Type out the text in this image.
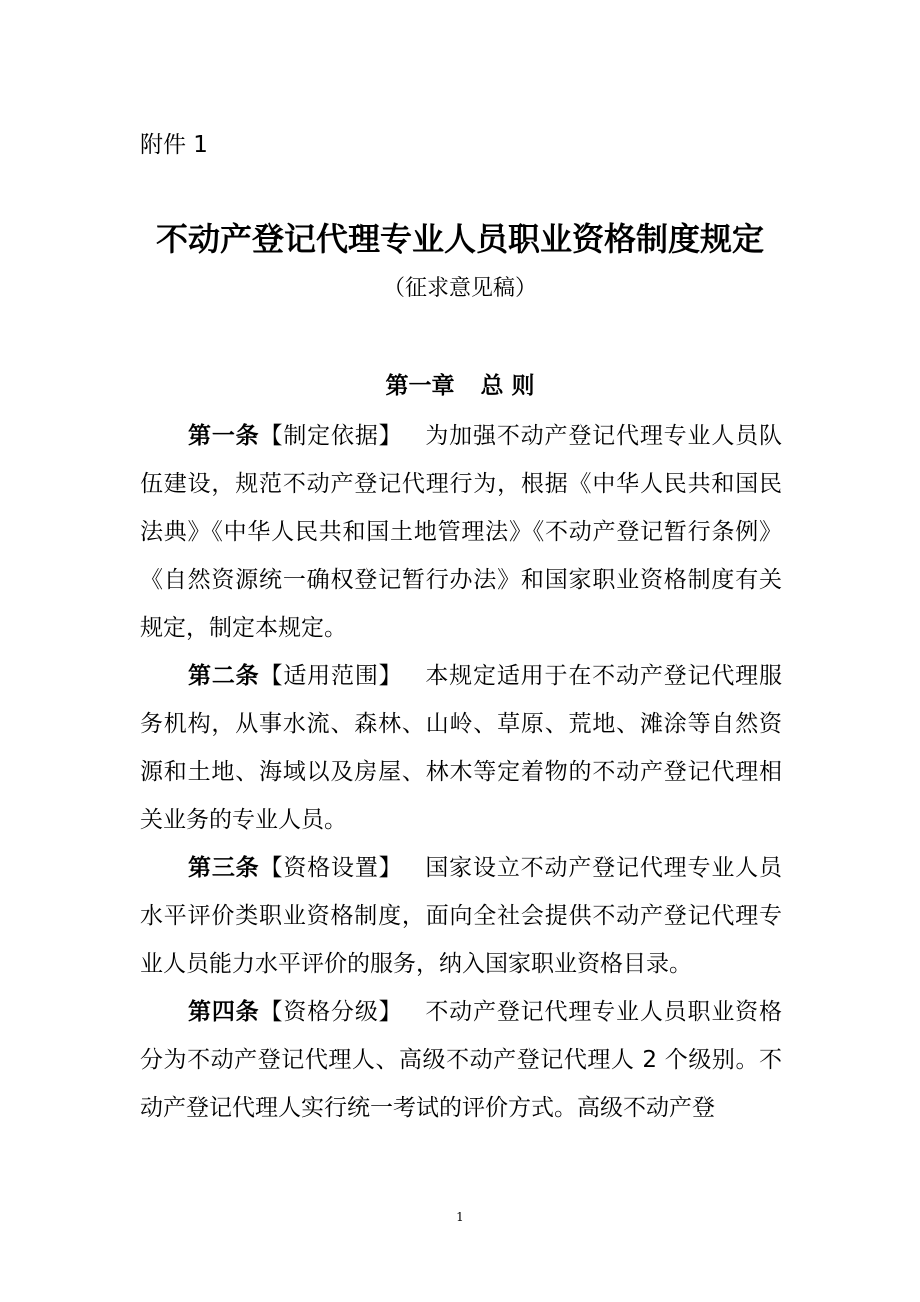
附件 1
不动产登记代理专业人员职业资格制度规定
（征求意见稿）
第一章 总 则

第一条【制定依据】 为加强不动产登记代理专业人员队伍建设，规范不动产登记代理行为，根据《中华人民共和国民法典》《中华人民共和国土地管理法》《不动产登记暂行条例》《自然资源统一确权登记暂行办法》和国家职业资格制度有关规定，制定本规定。

第二条【适用范围】 本规定适用于在不动产登记代理服务机构，从事水流、森林、山岭、草原、荒地、滩涂等自然资源和土地、海域以及房屋、林木等定着物的不动产登记代理相关业务的专业人员。

第三条【资格设置】 国家设立不动产登记代理专业人员水平评价类职业资格制度，面向全社会提供不动产登记代理专业人员能力水平评价的服务，纳入国家职业资格目录。

第四条【资格分级】 不动产登记代理专业人员职业资格分为不动产登记代理人、高级不动产登记代理人 2 个级别。不动产登记代理人实行统一考试的评价方式。高级不动产登

1
